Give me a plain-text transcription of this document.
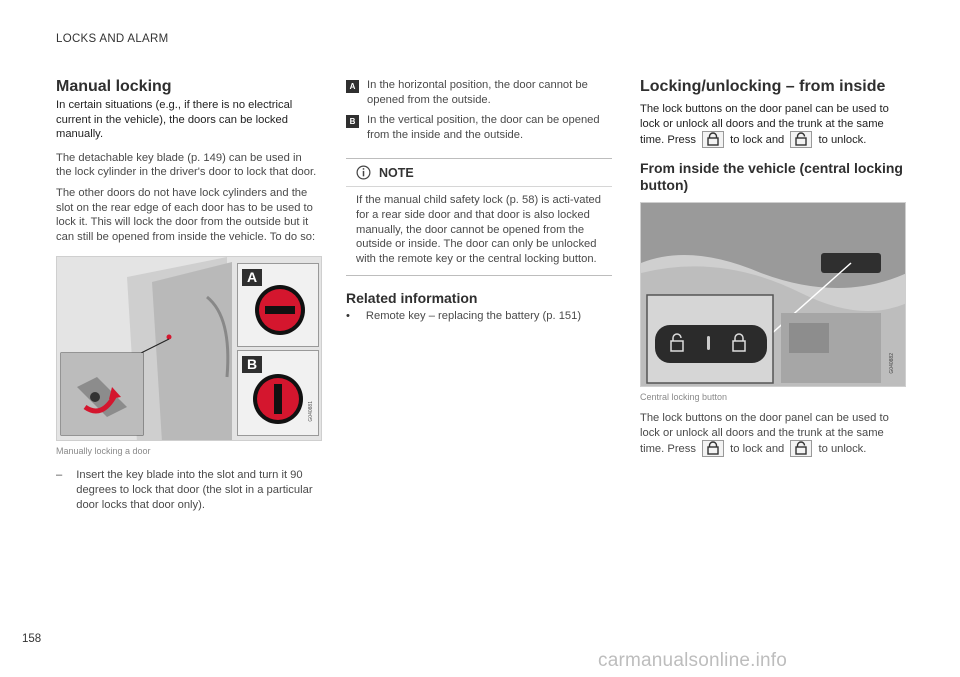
LOCKS AND ALARM
Manual locking

In certain situations (e.g., if there is no electrical current in the vehicle), the doors can be locked manually.

The detachable key blade (p. 149) can be used in the lock cylinder in the driver's door to lock that door.

The other doors do not have lock cylinders and the slot on the rear edge of each door has to be used to lock it. This will lock the door from the outside but it can still be opened from inside the vehicle. To do so:

A
B
G040881
Manually locking a door
– Insert the key blade into the slot and turn it 90 degrees to lock that door (the slot in a particular door locks that door only).

A	In the horizontal position, the door cannot be opened from the outside.

B	In the vertical position, the door can be opened from the inside and the outside.

NOTE

If the manual child safety lock (p. 58) is acti-vated for a rear side door and that door is also locked manually, the door cannot be opened from the outside or inside. The door can only be unlocked with the remote key or the central locking button.

Related information
• Remote key – replacing the battery (p. 151)

Locking/unlocking – from inside

The lock buttons on the door panel can be used to lock or unlock all doors and the trunk at the same time. Press	to lock and	to unlock.

From inside the vehicle (central locking button)
G040882
Central locking button

The lock buttons on the door panel can be used to lock or unlock all doors and the trunk at the same time. Press	to lock and	to unlock.

158
carmanualsonline.info
